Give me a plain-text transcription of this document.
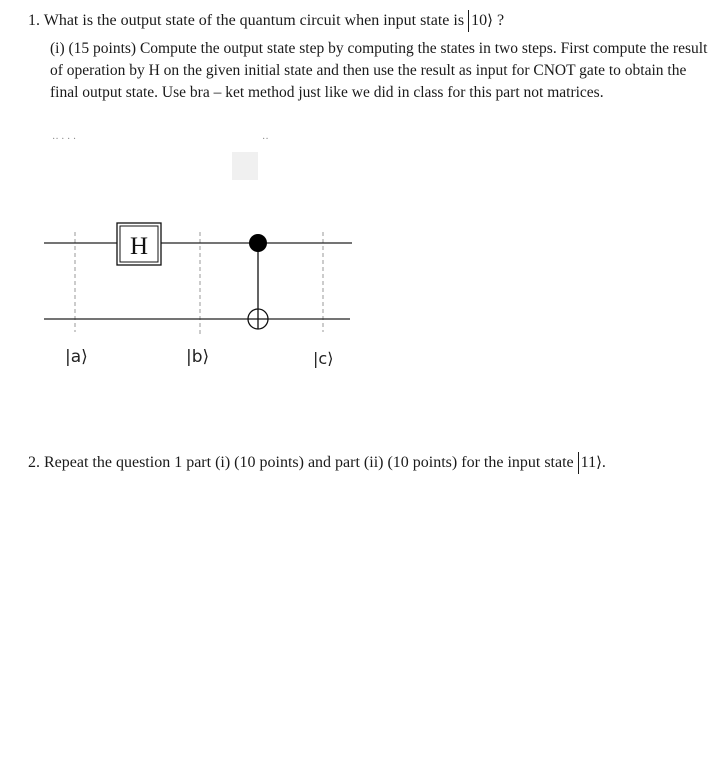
1. What is the output state of the quantum circuit when input state is 10⟩ ?
(i) (15 points) Compute the output state step by computing the states in two steps. First compute the result of operation by H on the given initial state and then use the result as input for CNOT gate to obtain the final output state. Use bra – ket method just like we did in class for this part not matrices.
·· · · ·	··
H
|a⟩	|b⟩	|c⟩
2. Repeat the question 1 part (i) (10 points) and part (ii) (10 points) for the input state 11⟩.
